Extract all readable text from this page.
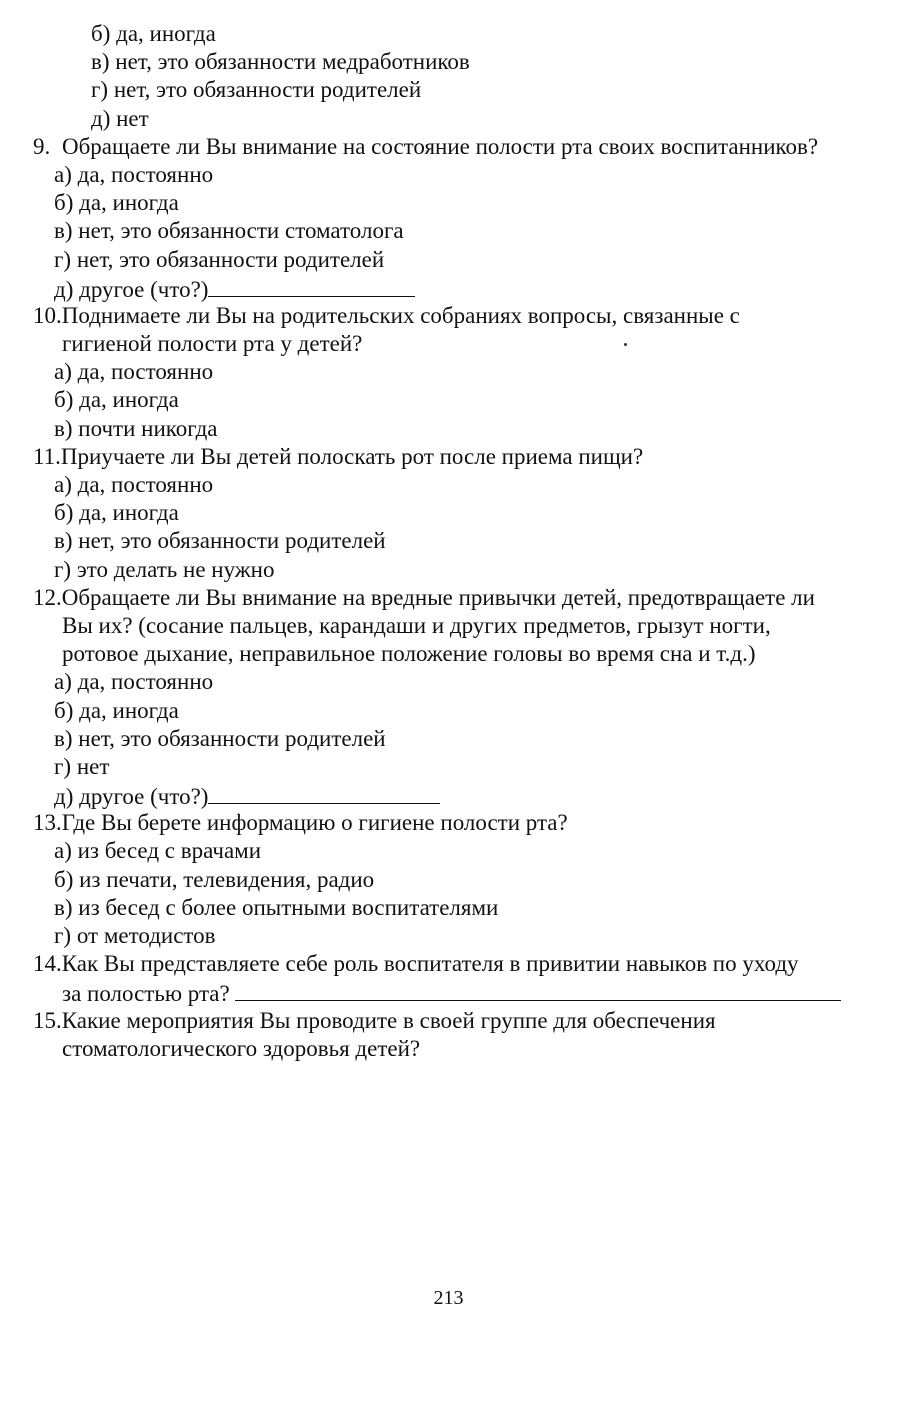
б) да, иногда
в) нет, это обязанности медработников
г) нет, это обязанности родителей
д) нет
9. Обращаете ли Вы внимание на состояние полости рта своих воспитанников?
а) да, постоянно
б) да, иногда
в) нет, это обязанности стоматолога
г) нет, это обязанности родителей
д) другое (что?)
10.Поднимаете ли Вы на родительских собраниях вопросы, связанные с
гигиеной полости рта у детей?
а) да, постоянно
б) да, иногда
в) почти никогда
11.Приучаете ли Вы детей полоскать рот после приема пищи?
а) да, постоянно
б) да, иногда
в) нет, это обязанности родителей
г) это делать не нужно
12.Обращаете ли Вы внимание на вредные привычки детей, предотвращаете ли
Вы их? (сосание пальцев, карандаши и других предметов, грызут ногти,
ротовое дыхание, неправильное положение головы во время сна и т.д.)
а) да, постоянно
б) да, иногда
в) нет, это обязанности родителей
г) нет
д) другое (что?)
13.Где Вы берете информацию о гигиене полости рта?
а) из бесед с врачами
б) из печати, телевидения, радио
в) из бесед с более опытными воспитателями
г) от методистов
14.Как Вы представляете себе роль воспитателя в привитии навыков по уходу
за полостью рта?
15.Какие мероприятия Вы проводите в своей группе для обеспечения
стоматологического здоровья детей?
213
